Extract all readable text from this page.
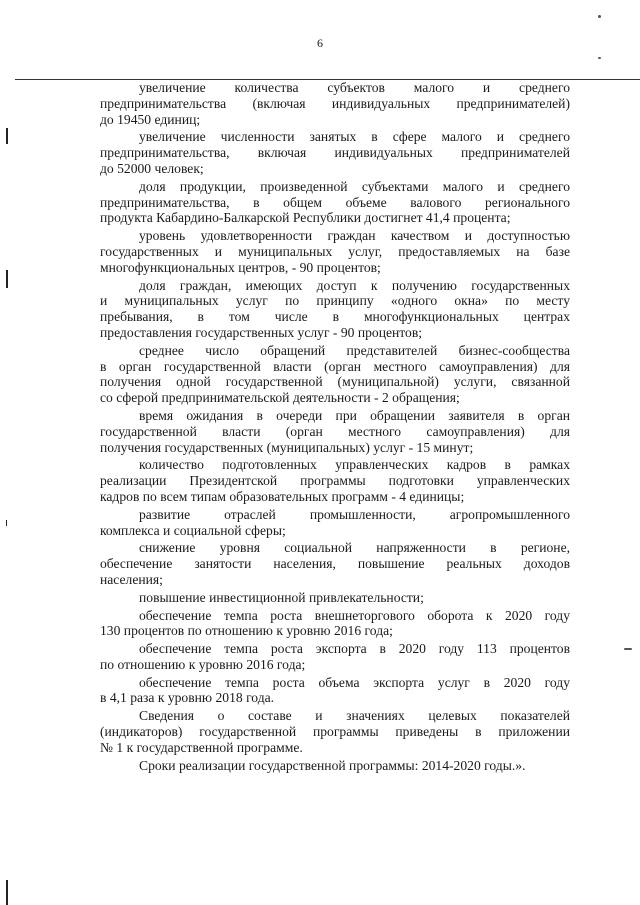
6
увеличение количества субъектов малого и среднего
предпринимательства (включая индивидуальных предпринимателей)
до 19450 единиц;
увеличение численности занятых в сфере малого и среднего
предпринимательства, включая индивидуальных предпринимателей
до 52000 человек;
доля продукции, произведенной субъектами малого и среднего
предпринимательства, в общем объеме валового регионального
продукта Кабардино-Балкарской Республики достигнет 41,4 процента;
уровень удовлетворенности граждан качеством и доступностью
государственных и муниципальных услуг, предоставляемых на базе
многофункциональных центров, - 90 процентов;
доля граждан, имеющих доступ к получению государственных
и муниципальных услуг по принципу «одного окна» по месту
пребывания, в том числе в многофункциональных центрах
предоставления государственных услуг - 90 процентов;
среднее число обращений представителей бизнес-сообщества
в орган государственной власти (орган местного самоуправления) для
получения одной государственной (муниципальной) услуги, связанной
со сферой предпринимательской деятельности - 2 обращения;
время ожидания в очереди при обращении заявителя в орган
государственной власти (орган местного самоуправления) для
получения государственных (муниципальных) услуг - 15 минут;
количество подготовленных управленческих кадров в рамках
реализации Президентской программы подготовки управленческих
кадров по всем типам образовательных программ - 4 единицы;
развитие отраслей промышленности, агропромышленного
комплекса и социальной сферы;
снижение уровня социальной напряженности в регионе,
обеспечение занятости населения, повышение реальных доходов
населения;
повышение инвестиционной привлекательности;
обеспечение темпа роста внешнеторгового оборота к 2020 году
130 процентов по отношению к уровню 2016 года;
обеспечение темпа роста экспорта в 2020 году 113 процентов
по отношению к уровню 2016 года;
обеспечение темпа роста объема экспорта услуг в 2020 году
в 4,1 раза к уровню 2018 года.
Сведения о составе и значениях целевых показателей
(индикаторов) государственной программы приведены в приложении
№ 1 к государственной программе.
Сроки реализации государственной программы: 2014-2020 годы.».
